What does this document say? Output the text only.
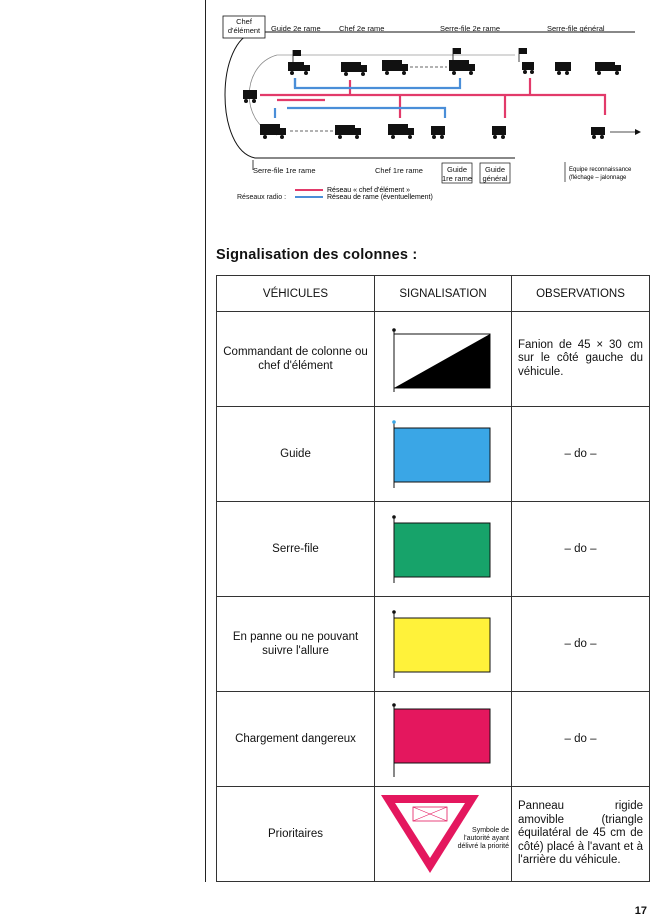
Chef
d'élément Guide 2e rame Chef 2e rame	Serre-file 2e rame	Serre-file général
Serre-file 1re rame	Chef 1re rame	Guide
1re rame
Guide
général
Equipe reconnaissance
(fléchage – jalonnage
Réseaux radio :
Réseau « chef d'élément »
Réseau de rame (éventuellement)
Signalisation des colonnes :
VÉHICULES	SIGNALISATION	OBSERVATIONS
Commandant de colonne ou chef d'élément		Fanion de 45 × 30 cm sur le côté gauche du véhicule.

Guide		– do –
Serre-file		– do –
En panne ou ne pouvant suivre l'allure		– do –
Chargement dangereux		– do –
Prioritaires	Symbole de l'autorité ayant délivré la priorité	Panneau rigide amovible (triangle équilatéral de 45 cm de côté) placé à l'avant et à l'arrière du véhicule.
17
